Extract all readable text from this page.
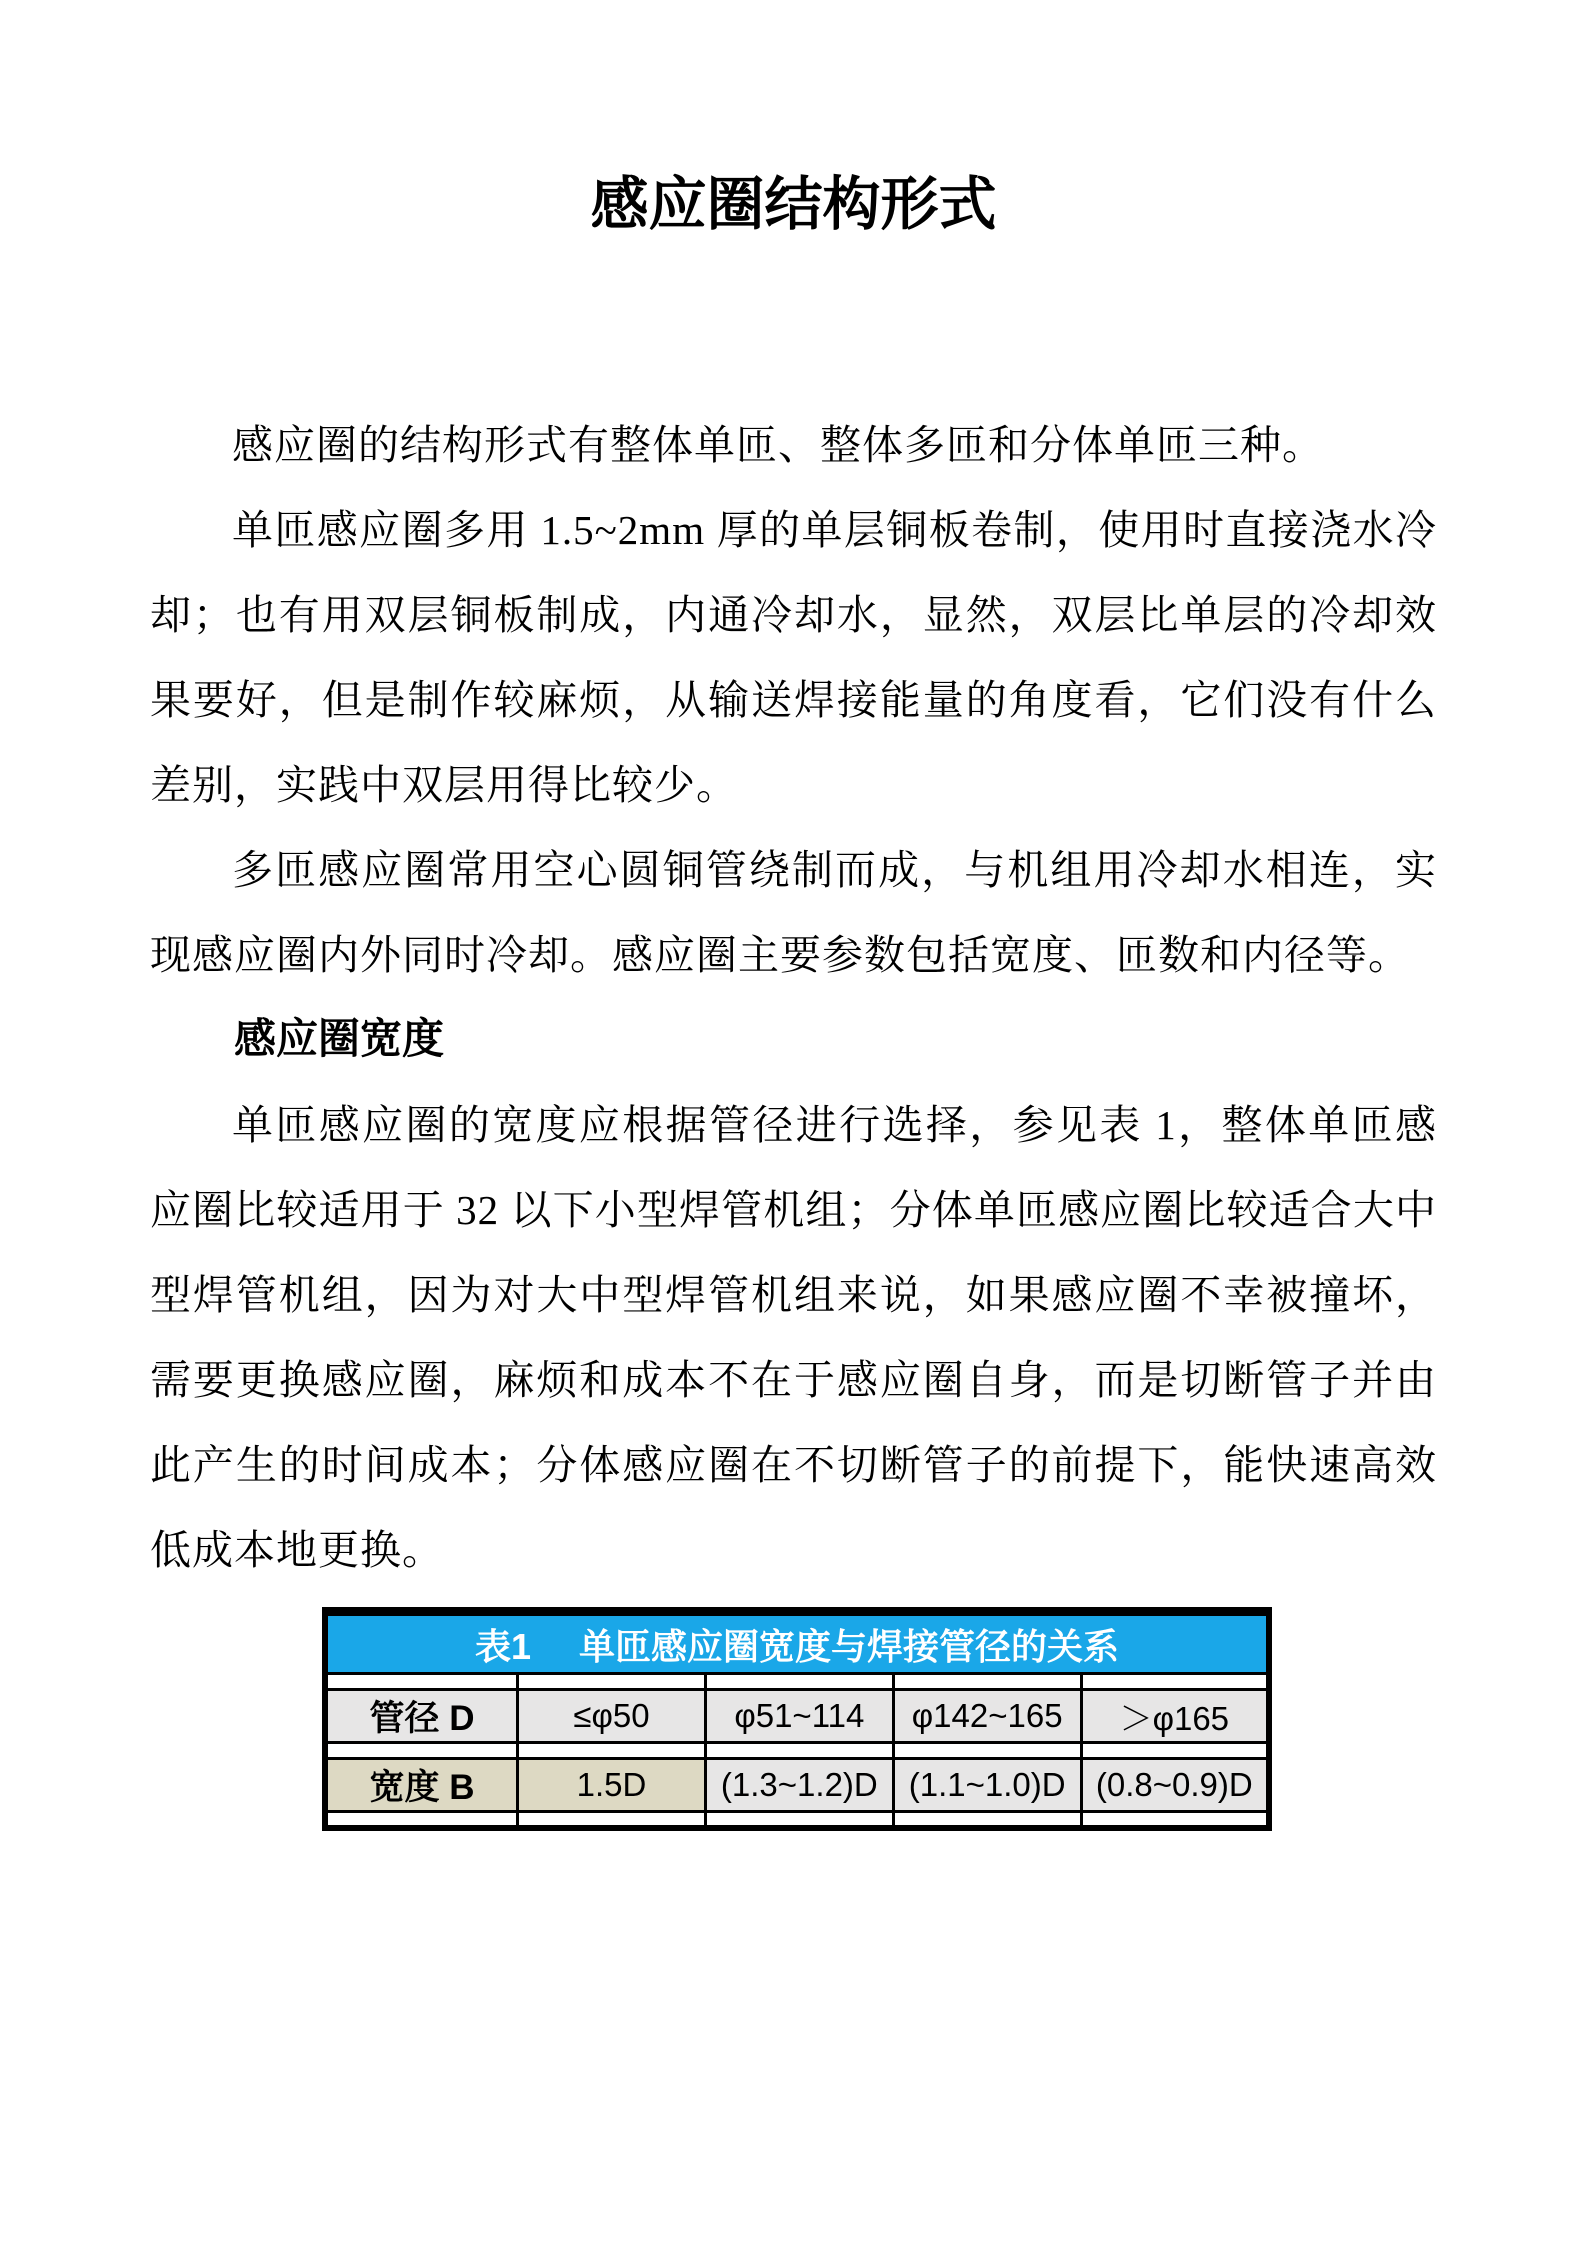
感应圈结构形式

感应圈的结构形式有整体单匝、整体多匝和分体单匝三种。

单匝感应圈多用 1.5~2mm 厚的单层铜板卷制，使用时直接浇水冷却；也有用双层铜板制成，内通冷却水，显然，双层比单层的冷却效果要好，但是制作较麻烦，从输送焊接能量的角度看，它们没有什么差别，实践中双层用得比较少。

多匝感应圈常用空心圆铜管绕制而成，与机组用冷却水相连，实现感应圈内外同时冷却。感应圈主要参数包括宽度、匝数和内径等。

感应圈宽度

单匝感应圈的宽度应根据管径进行选择，参见表 1，整体单匝感应圈比较适用于 32 以下小型焊管机组；分体单匝感应圈比较适合大中型焊管机组，因为对大中型焊管机组来说，如果感应圈不幸被撞坏，需要更换感应圈，麻烦和成本不在于感应圈自身，而是切断管子并由此产生的时间成本；分体感应圈在不切断管子的前提下，能快速高效低成本地更换。

表1 单匝感应圈宽度与焊接管径的关系				

管径 D	≤φ50	φ51~114	φ142~165	＞φ165

宽度 B	1.5D	(1.3~1.2)D	(1.1~1.0)D	(0.8~0.9)D
